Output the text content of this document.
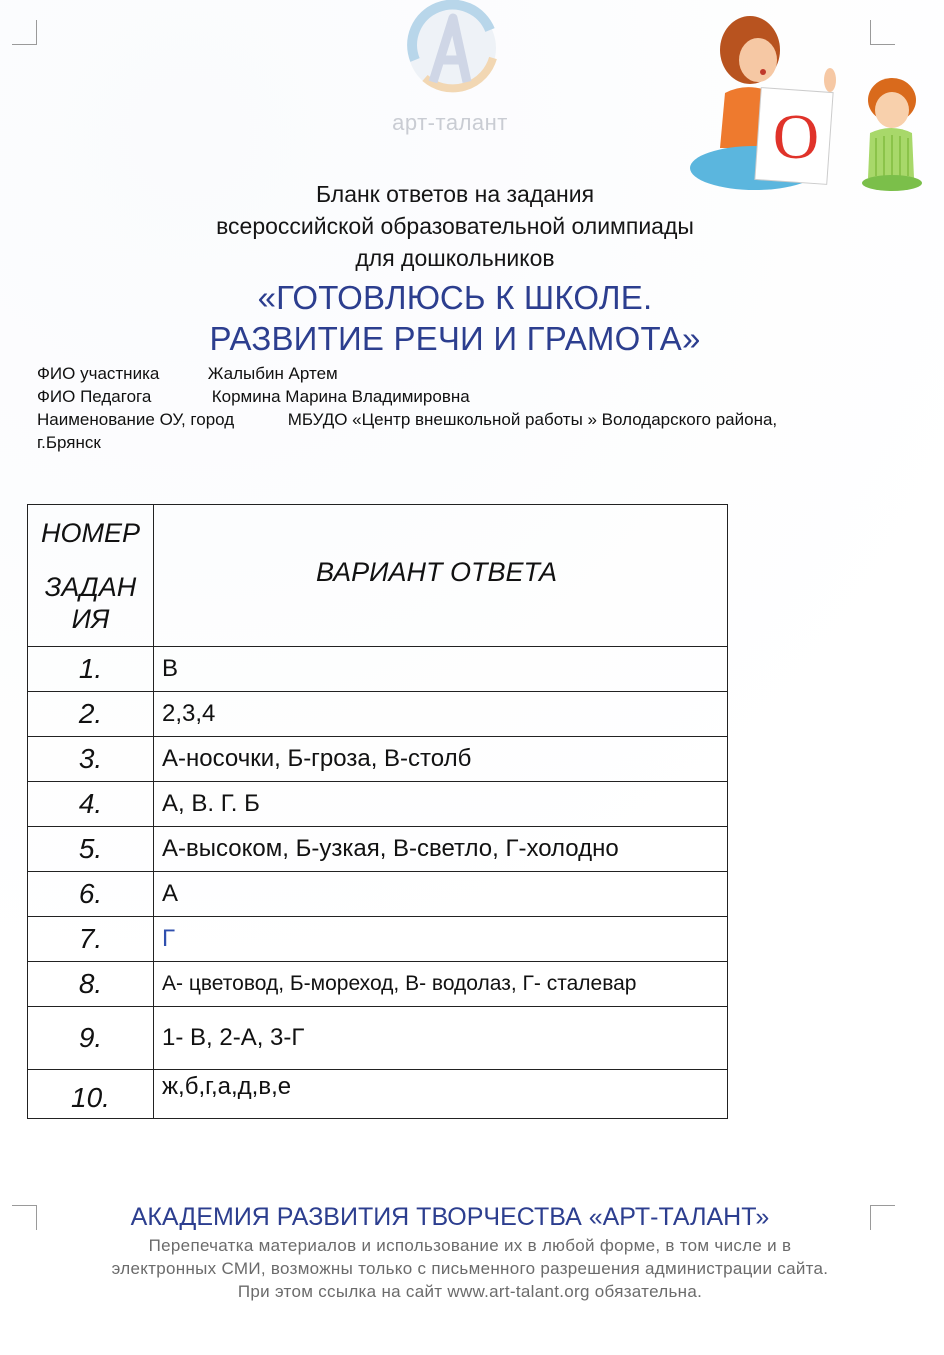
арт-талант	О
Бланк ответов на задания
всероссийской образовательной олимпиады
для дошкольников
«ГОТОВЛЮСЬ К ШКОЛЕ.
РАЗВИТИЕ РЕЧИ И ГРАМОТА»
ФИО участника	Жалыбин Артем
ФИО Педагога	Кормина Марина Владимировна
Наименование ОУ, город	МБУДО «Центр внешкольной работы » Володарского района,
г.Брянск
НОМЕР
ЗАДАН
ИЯ	ВАРИАНТ ОТВЕТА
1.	В
2.	2,3,4
3.	А-носочки, Б-гроза, В-столб
4.	А, В. Г. Б
5.	А-высоком, Б-узкая, В-светло, Г-холодно
6.	А
7.	Г
8.	А- цветовод, Б-мореход, В- водолаз, Г- сталевар
9.	1- В, 2-А, 3-Г
10.	ж,б,г,а,д,в,е
АКАДЕМИЯ РАЗВИТИЯ ТВОРЧЕСТВА «АРТ-ТАЛАНТ»
Перепечатка материалов и использование их в любой форме, в том числе и в
электронных СМИ, возможны только с письменного разрешения администрации сайта.
При этом ссылка на сайт www.art-talant.org обязательна.
